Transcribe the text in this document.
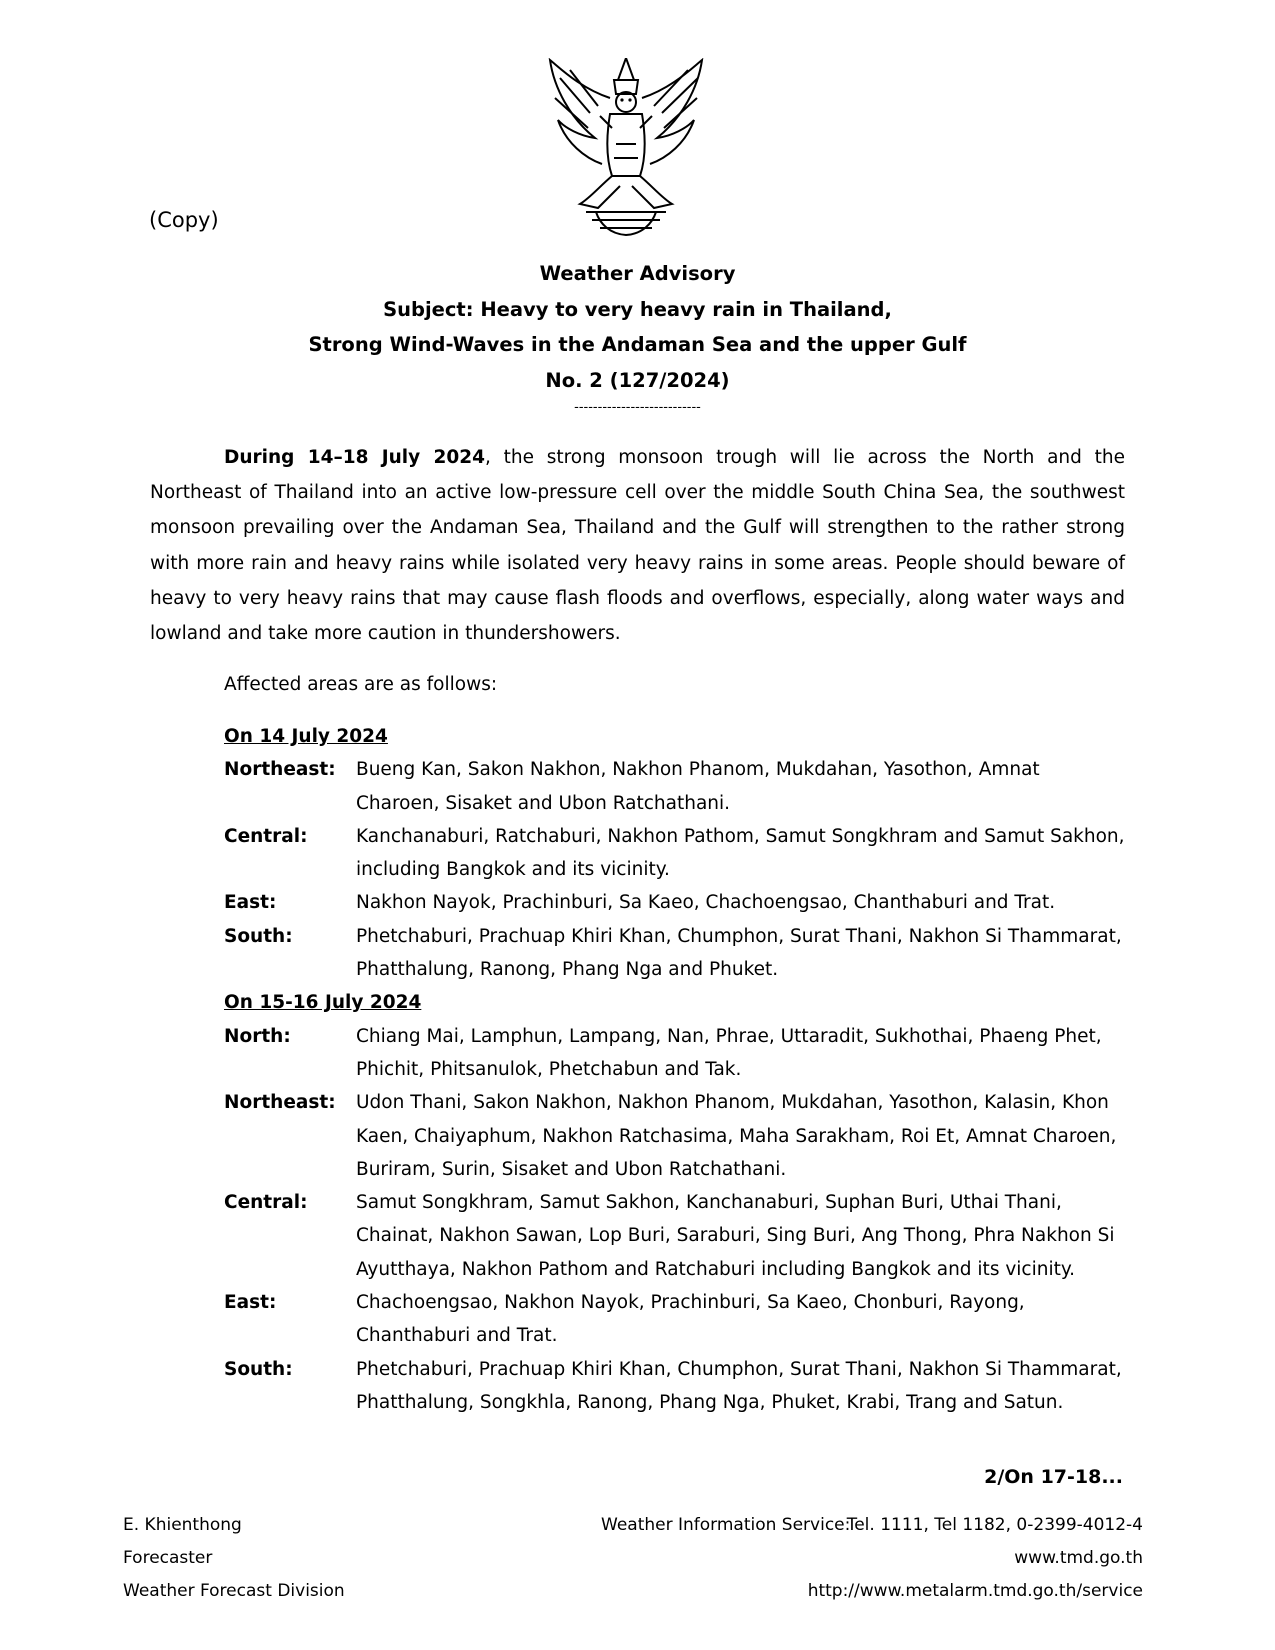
(Copy)
Weather Advisory
Subject: Heavy to very heavy rain in Thailand,
Strong Wind-Waves in the Andaman Sea and the upper Gulf
No. 2 (127/2024)
---------------------------

During 14–18 July 2024, the strong monsoon trough will lie across the North and the Northeast of Thailand into an active low-pressure cell over the middle South China Sea, the southwest monsoon prevailing over the Andaman Sea, Thailand and the Gulf will strengthen to the rather strong with more rain and heavy rains while isolated very heavy rains in some areas. People should beware of heavy to very heavy rains that may cause flash floods and overflows, especially, along water ways and lowland and take more caution in thundershowers.

Affected areas are as follows:
On 14 July 2024
Northeast:	Bueng Kan, Sakon Nakhon, Nakhon Phanom, Mukdahan, Yasothon, Amnat Charoen, Sisaket and Ubon Ratchathani.
Central:	Kanchanaburi, Ratchaburi, Nakhon Pathom, Samut Songkhram and Samut Sakhon, including Bangkok and its vicinity.
East:	Nakhon Nayok, Prachinburi, Sa Kaeo, Chachoengsao, Chanthaburi and Trat.
South:	Phetchaburi, Prachuap Khiri Khan, Chumphon, Surat Thani, Nakhon Si Thammarat, Phatthalung, Ranong, Phang Nga and Phuket.
On 15-16 July 2024
North:	Chiang Mai, Lamphun, Lampang, Nan, Phrae, Uttaradit, Sukhothai, Phaeng Phet, Phichit, Phitsanulok, Phetchabun and Tak.
Northeast:	Udon Thani, Sakon Nakhon, Nakhon Phanom, Mukdahan, Yasothon, Kalasin, Khon Kaen, Chaiyaphum, Nakhon Ratchasima, Maha Sarakham, Roi Et, Amnat Charoen, Buriram, Surin, Sisaket and Ubon Ratchathani.
Central:	Samut Songkhram, Samut Sakhon, Kanchanaburi, Suphan Buri, Uthai Thani, Chainat, Nakhon Sawan, Lop Buri, Saraburi, Sing Buri, Ang Thong, Phra Nakhon Si Ayutthaya, Nakhon Pathom and Ratchaburi including Bangkok and its vicinity.
East:	Chachoengsao, Nakhon Nayok, Prachinburi, Sa Kaeo, Chonburi, Rayong, Chanthaburi and Trat.
South:	Phetchaburi, Prachuap Khiri Khan, Chumphon, Surat Thani, Nakhon Si Thammarat, Phatthalung, Songkhla, Ranong, Phang Nga, Phuket, Krabi, Trang and Satun.
2/On 17-18...
E. Khienthong
Forecaster
Weather Forecast Division
Weather Information Service:
Tel. 1111, Tel 1182, 0-2399-4012-4
www.tmd.go.th
http://www.metalarm.tmd.go.th/service
